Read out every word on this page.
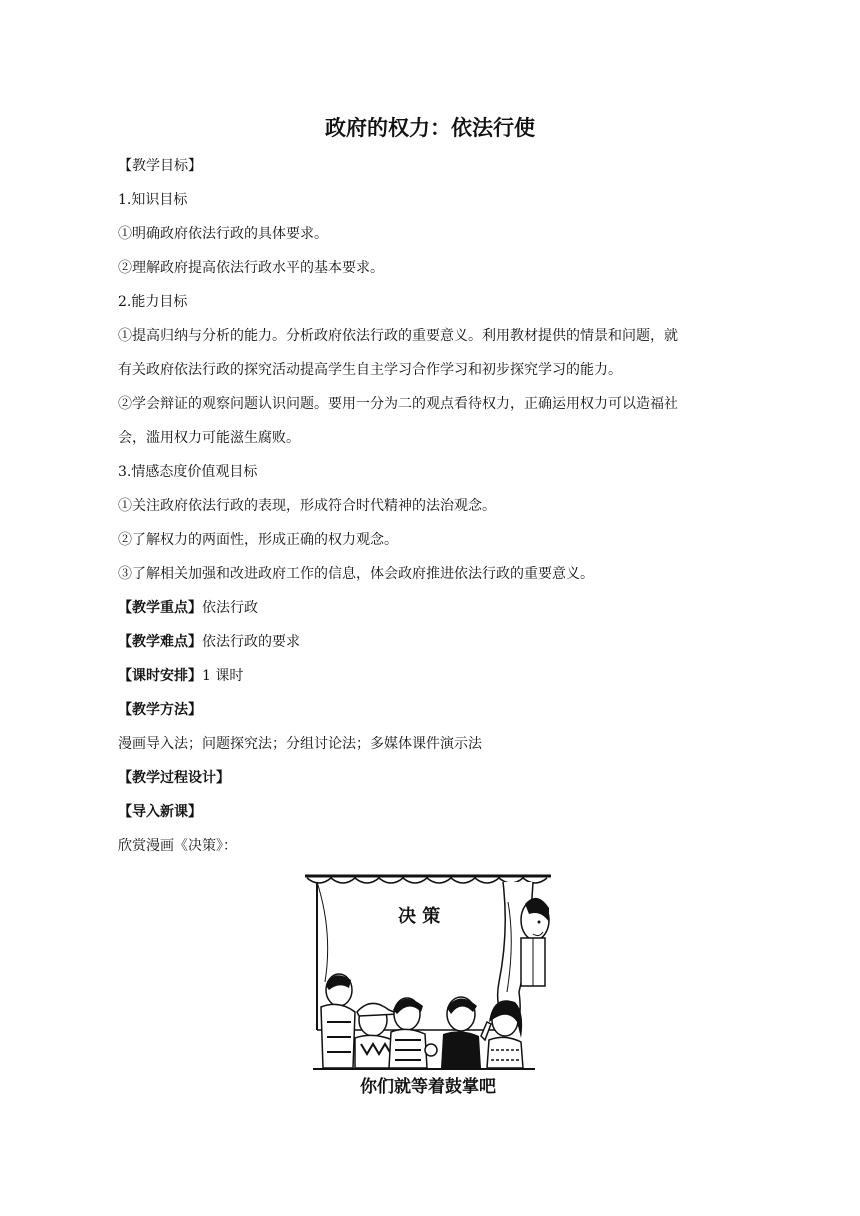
政府的权力：依法行使

【教学目标】

1.知识目标

①明确政府依法行政的具体要求。

②理解政府提高依法行政水平的基本要求。

2.能力目标

①提高归纳与分析的能力。分析政府依法行政的重要意义。利用教材提供的情景和问题，就

有关政府依法行政的探究活动提高学生自主学习合作学习和初步探究学习的能力。

②学会辩证的观察问题认识问题。要用一分为二的观点看待权力，正确运用权力可以造福社

会，滥用权力可能滋生腐败。

3.情感态度价值观目标

①关注政府依法行政的表现，形成符合时代精神的法治观念。

②了解权力的两面性，形成正确的权力观念。

③了解相关加强和改进政府工作的信息，体会政府推进依法行政的重要意义。

【教学重点】依法行政

【教学难点】依法行政的要求

【课时安排】1 课时

【教学方法】

漫画导入法；问题探究法；分组讨论法；多媒体课件演示法

【教学过程设计】

【导入新课】

欣赏漫画《决策》：

决 策
你们就等着鼓掌吧
